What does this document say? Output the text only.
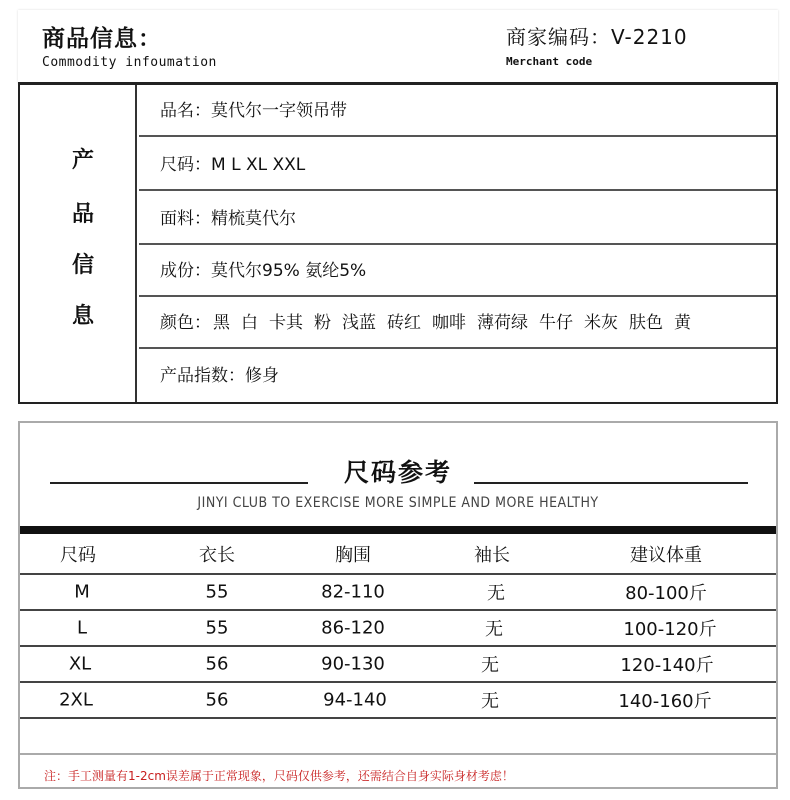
商品信息：
Commodity infoumation
商家编码：V-2210
Merchant code
产
品
信
息
品名：莫代尔一字领吊带
尺码：M L XL XXL
面料：精梳莫代尔
成份：莫代尔95% 氨纶5%
颜色： 黑 白 卡其 粉 浅蓝 砖红 咖啡 薄荷绿 牛仔 米灰 肤色 黄
产品指数：修身
尺码参考
JINYI CLUB TO EXERCISE MORE SIMPLE AND MORE HEALTHY
尺码	衣长	胸围	袖长	建议体重
M	55	82-110	无	80-100斤
L	55	86-120	无	100-120斤
XL	56	90-130	无	120-140斤
2XL	56	94-140	无	140-160斤
注：手工测量有1-2cm误差属于正常现象，尺码仅供参考，还需结合自身实际身材考虑！
